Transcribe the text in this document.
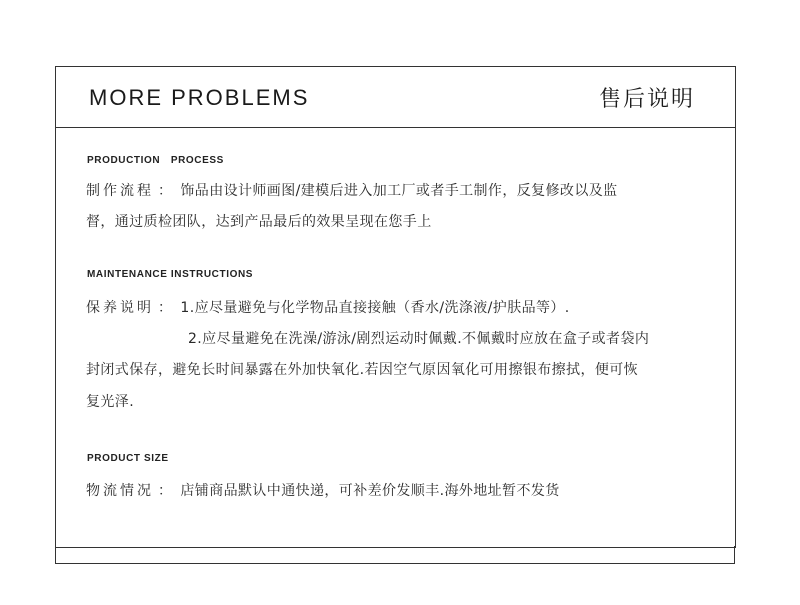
MORE PROBLEMS	售后说明
PRODUCTION　PROCESS
制作流程 ： 饰品由设计师画图/建模后进入加工厂或者手工制作，反复修改以及监
督，通过质检团队，达到产品最后的效果呈现在您手上
MAINTENANCE INSTRUCTIONS
保养说明 ： 1.应尽量避免与化学物品直接接触（香水/洗涤液/护肤品等）.
2.应尽量避免在洗澡/游泳/剧烈运动时佩戴.不佩戴时应放在盒子或者袋内
封闭式保存，避免长时间暴露在外加快氧化.若因空气原因氧化可用擦银布擦拭，便可恢
复光泽.
PRODUCT SIZE
物流情况 ： 店铺商品默认中通快递，可补差价发顺丰.海外地址暂不发货
